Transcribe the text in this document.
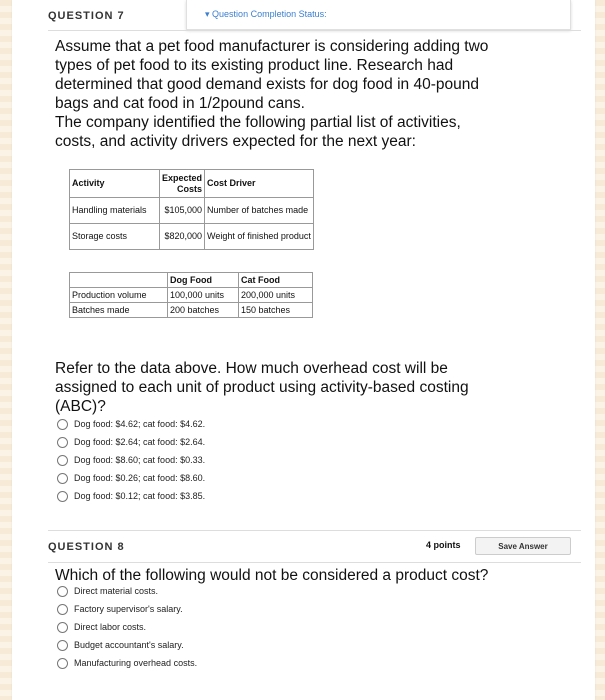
QUESTION 7	▾ Question Completion Status:
Assume that a pet food manufacturer is considering adding two
types of pet food to its existing product line. Research had
determined that good demand exists for dog food in 40-pound
bags and cat food in 1/2pound cans.
The company identified the following partial list of activities,
costs, and activity drivers expected for the next year:
Activity	Expected Costs	Cost Driver
Handling materials	$105,000	Number of batches made
Storage costs	$820,000	Weight of finished product
	Dog Food	Cat Food
Production volume	100,000 units	200,000 units
Batches made	200 batches	150 batches
Refer to the data above. How much overhead cost will be
assigned to each unit of product using activity-based costing
(ABC)?
Dog food: $4.62; cat food: $4.62.
Dog food: $2.64; cat food: $2.64.
Dog food: $8.60; cat food: $0.33.
Dog food: $0.26; cat food: $8.60.
Dog food: $0.12; cat food: $3.85.
QUESTION 8	4 points	Save Answer
Which of the following would not be considered a product cost?
Direct material costs.
Factory supervisor's salary.
Direct labor costs.
Budget accountant's salary.
Manufacturing overhead costs.
